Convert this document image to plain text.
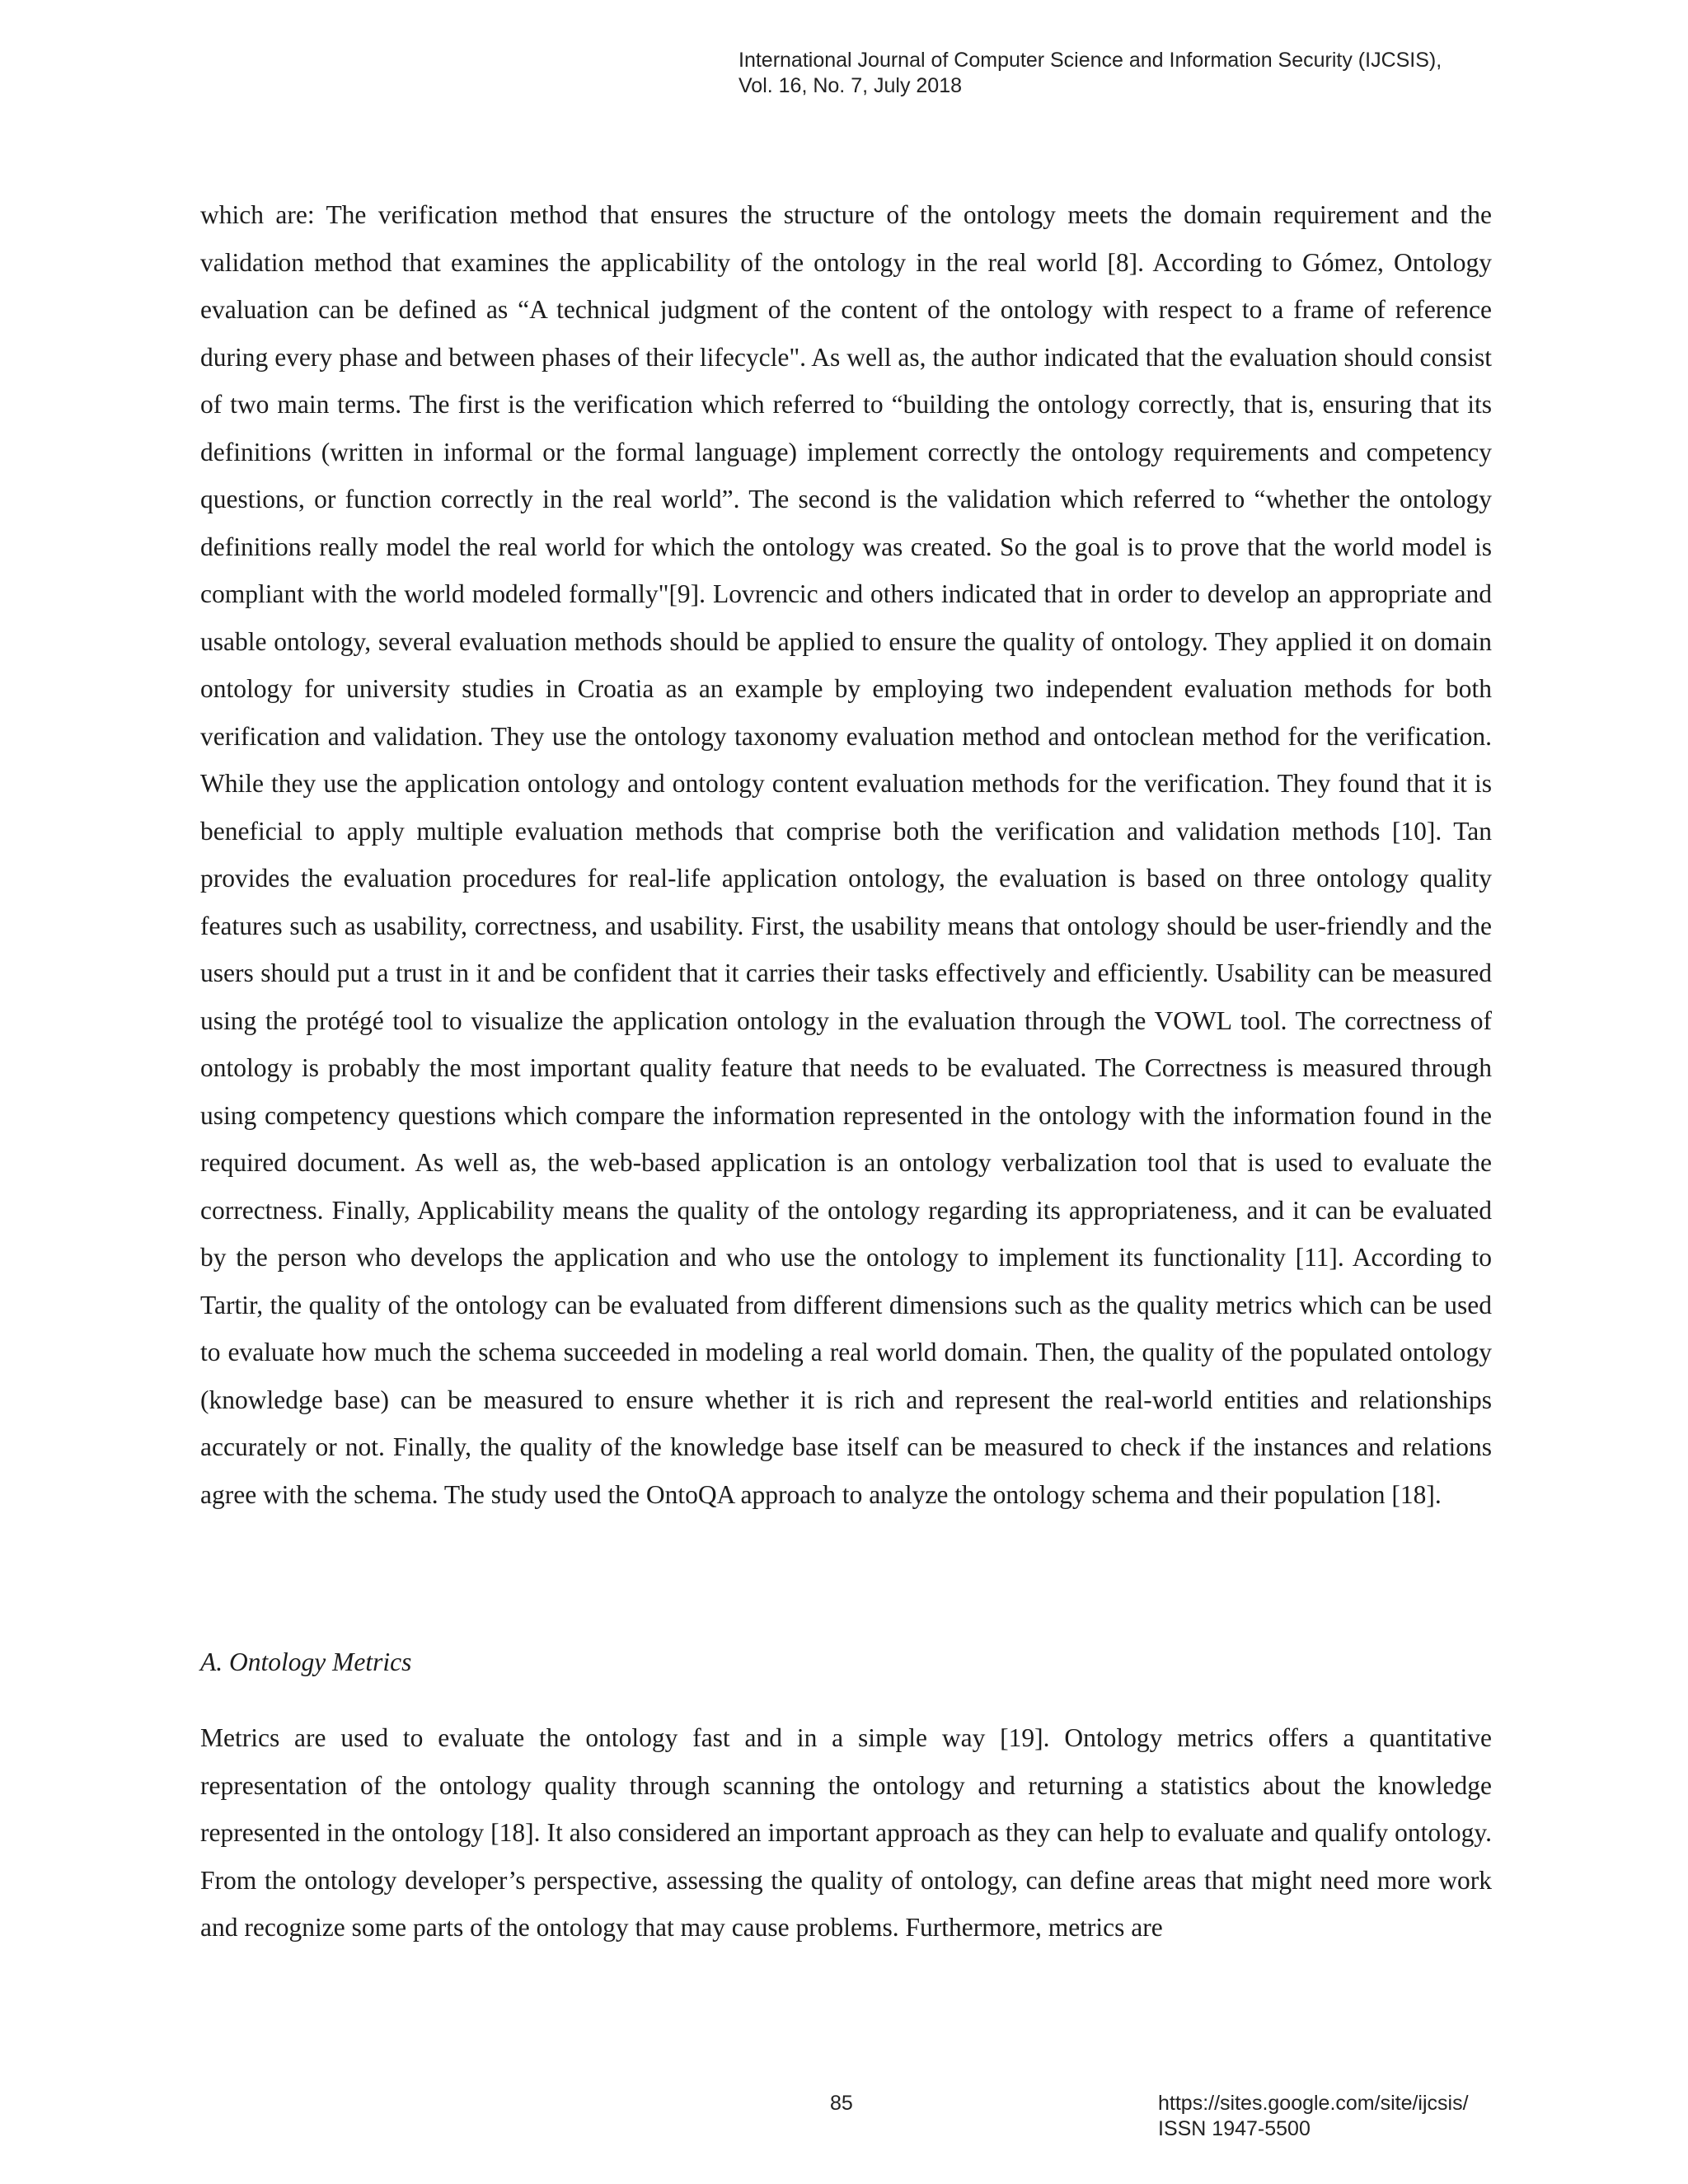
International Journal of Computer Science and Information Security (IJCSIS),
Vol. 16, No. 7, July 2018

which are: The verification method that ensures the structure of the ontology meets the domain requirement and the validation method that examines the applicability of the ontology in the real world [8]. According to Gómez, Ontology evaluation can be defined as “A technical judgment of the content of the ontology with respect to a frame of reference during every phase and between phases of their lifecycle". As well as, the author indicated that the evaluation should consist of two main terms. The first is the verification which referred to “building the ontology correctly, that is, ensuring that its definitions (written in informal or the formal language) implement correctly the ontology requirements and competency questions, or function correctly in the real world”. The second is the validation which referred to “whether the ontology definitions really model the real world for which the ontology was created. So the goal is to prove that the world model is compliant with the world modeled formally"[9]. Lovrencic and others indicated that in order to develop an appropriate and usable ontology, several evaluation methods should be applied to ensure the quality of ontology. They applied it on domain ontology for university studies in Croatia as an example by employing two independent evaluation methods for both verification and validation. They use the ontology taxonomy evaluation method and ontoclean method for the verification. While they use the application ontology and ontology content evaluation methods for the verification. They found that it is beneficial to apply multiple evaluation methods that comprise both the verification and validation methods [10]. Tan provides the evaluation procedures for real-life application ontology, the evaluation is based on three ontology quality features such as usability, correctness, and usability. First, the usability means that ontology should be user-friendly and the users should put a trust in it and be confident that it carries their tasks effectively and efficiently. Usability can be measured using the protégé tool to visualize the application ontology in the evaluation through the VOWL tool. The correctness of ontology is probably the most important quality feature that needs to be evaluated. The Correctness is measured through using competency questions which compare the information represented in the ontology with the information found in the required document. As well as, the web-based application is an ontology verbalization tool that is used to evaluate the correctness. Finally, Applicability means the quality of the ontology regarding its appropriateness, and it can be evaluated by the person who develops the application and who use the ontology to implement its functionality [11]. According to Tartir, the quality of the ontology can be evaluated from different dimensions such as the quality metrics which can be used to evaluate how much the schema succeeded in modeling a real world domain. Then, the quality of the populated ontology (knowledge base) can be measured to ensure whether it is rich and represent the real-world entities and relationships accurately or not. Finally, the quality of the knowledge base itself can be measured to check if the instances and relations agree with the schema. The study used the OntoQA approach to analyze the ontology schema and their population [18].

A. Ontology Metrics

Metrics are used to evaluate the ontology fast and in a simple way [19]. Ontology metrics offers a quantitative representation of the ontology quality through scanning the ontology and returning a statistics about the knowledge represented in the ontology [18]. It also considered an important approach as they can help to evaluate and qualify ontology. From the ontology developer’s perspective, assessing the quality of ontology, can define areas that might need more work and recognize some parts of the ontology that may cause problems. Furthermore, metrics are

85	https://sites.google.com/site/ijcsis/
ISSN 1947-5500
